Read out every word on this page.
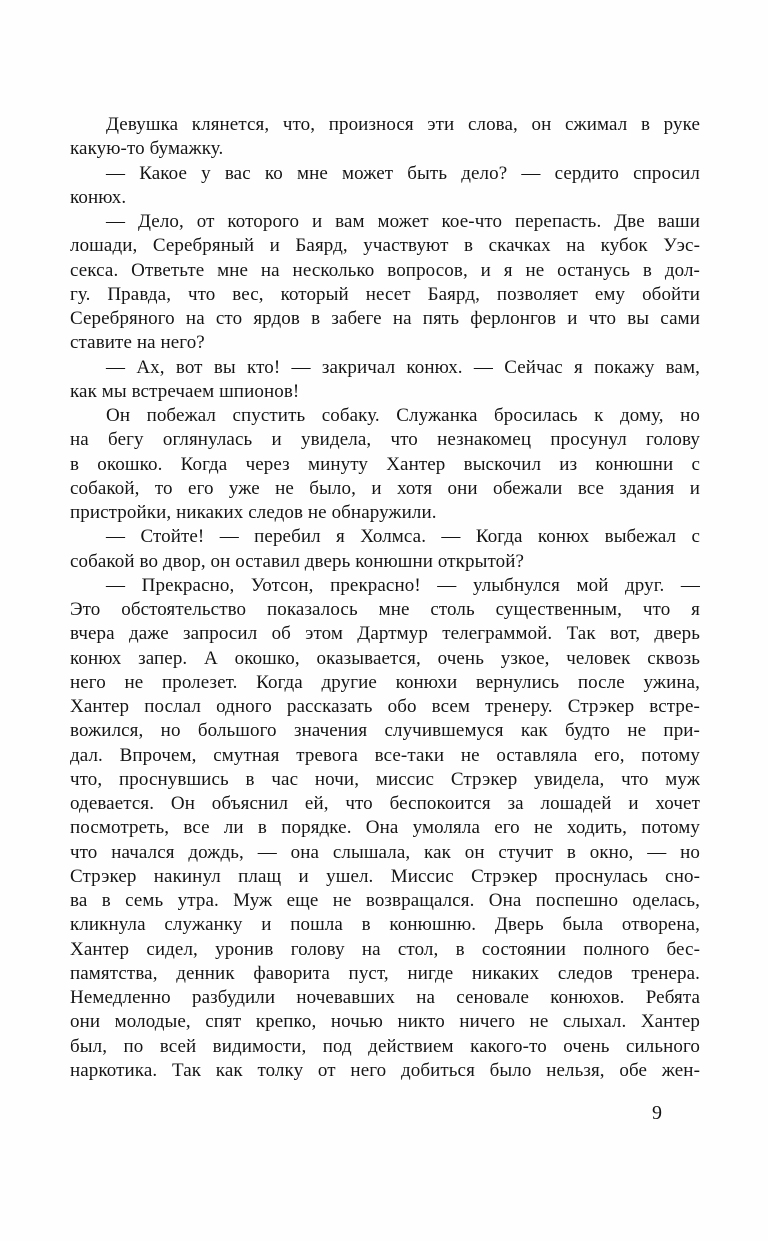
Девушка клянется, что, произнося эти слова, он сжимал в руке
какую-то бумажку.
— Какое у вас ко мне может быть дело? — сердито спросил
конюх.
— Дело, от которого и вам может кое-что перепасть. Две ваши
лошади, Серебряный и Баярд, участвуют в скачках на кубок Уэс-
секса. Ответьте мне на несколько вопросов, и я не останусь в дол-
гу. Правда, что вес, который несет Баярд, позволяет ему обойти
Серебряного на сто ярдов в забеге на пять ферлонгов и что вы сами
ставите на него?
— Ах, вот вы кто! — закричал конюх. — Сейчас я покажу вам,
как мы встречаем шпионов!
Он побежал спустить собаку. Служанка бросилась к дому, но
на бегу оглянулась и увидела, что незнакомец просунул голову
в окошко. Когда через минуту Хантер выскочил из конюшни с
собакой, то его уже не было, и хотя они обежали все здания и
пристройки, никаких следов не обнаружили.
— Стойте! — перебил я Холмса. — Когда конюх выбежал с
собакой во двор, он оставил дверь конюшни открытой?
— Прекрасно, Уотсон, прекрасно! — улыбнулся мой друг. —
Это обстоятельство показалось мне столь существенным, что я
вчера даже запросил об этом Дартмур телеграммой. Так вот, дверь
конюх запер. А окошко, оказывается, очень узкое, человек сквозь
него не пролезет. Когда другие конюхи вернулись после ужина,
Хантер послал одного рассказать обо всем тренеру. Стрэкер встре-
вожился, но большого значения случившемуся как будто не при-
дал. Впрочем, смутная тревога все-таки не оставляла его, потому
что, проснувшись в час ночи, миссис Стрэкер увидела, что муж
одевается. Он объяснил ей, что беспокоится за лошадей и хочет
посмотреть, все ли в порядке. Она умоляла его не ходить, потому
что начался дождь, — она слышала, как он стучит в окно, — но
Стрэкер накинул плащ и ушел. Миссис Стрэкер проснулась сно-
ва в семь утра. Муж еще не возвращался. Она поспешно оделась,
кликнула служанку и пошла в конюшню. Дверь была отворена,
Хантер сидел, уронив голову на стол, в состоянии полного бес-
памятства, денник фаворита пуст, нигде никаких следов тренера.
Немедленно разбудили ночевавших на сеновале конюхов. Ребята
они молодые, спят крепко, ночью никто ничего не слыхал. Хантер
был, по всей видимости, под действием какого-то очень сильного
наркотика. Так как толку от него добиться было нельзя, обе жен-
9
